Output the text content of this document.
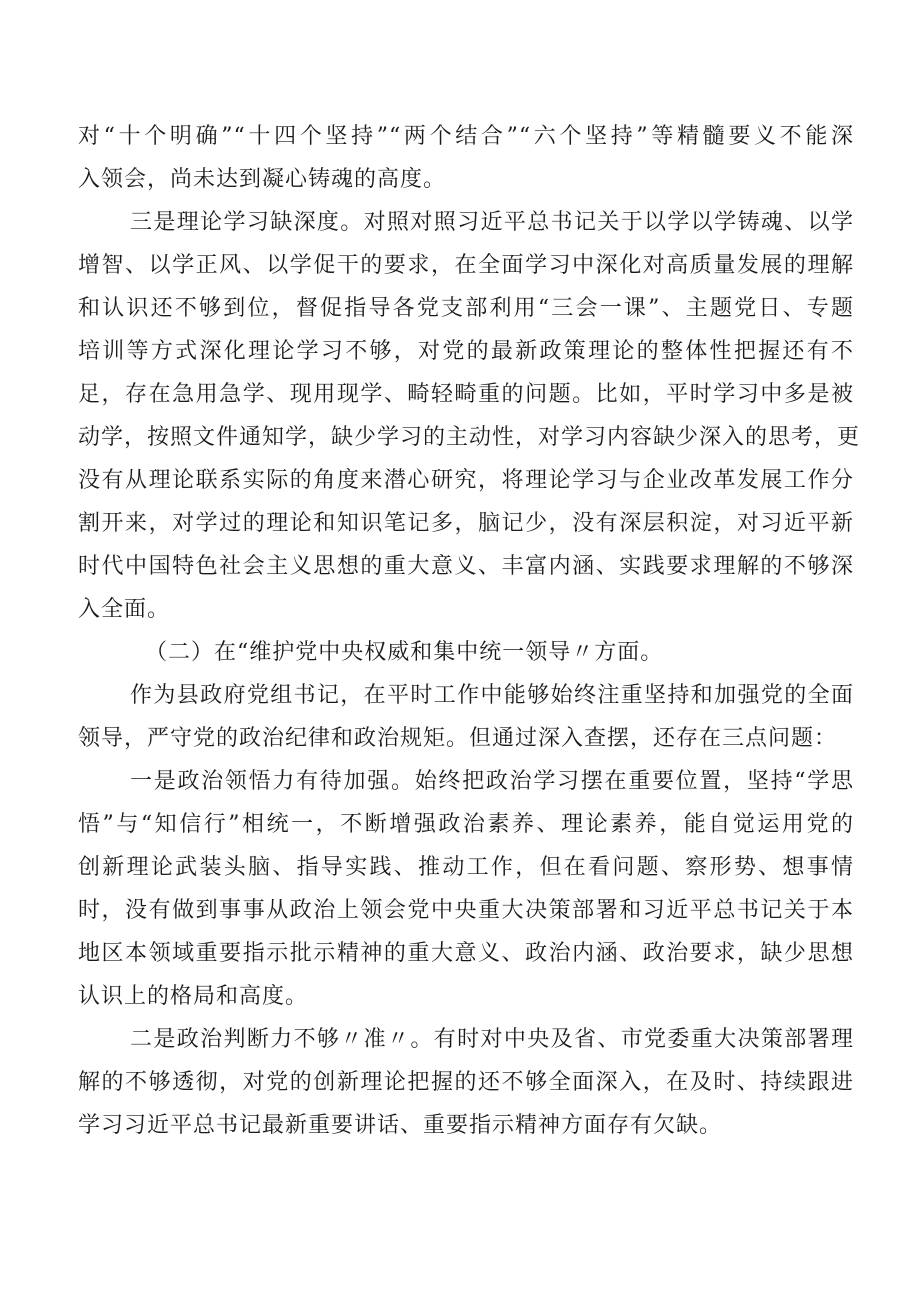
对“十个明确”“十四个坚持”“两个结合”“六个坚持”等精髓要义不能深
入领会，尚未达到凝心铸魂的高度。
三是理论学习缺深度。对照对照习近平总书记关于以学以学铸魂、以学
增智、以学正风、以学促干的要求，在全面学习中深化对高质量发展的理解
和认识还不够到位，督促指导各党支部利用“三会一课”、主题党日、专题
培训等方式深化理论学习不够，对党的最新政策理论的整体性把握还有不
足，存在急用急学、现用现学、畸轻畸重的问题。比如，平时学习中多是被
动学，按照文件通知学，缺少学习的主动性，对学习内容缺少深入的思考，更
没有从理论联系实际的角度来潜心研究，将理论学习与企业改革发展工作分
割开来，对学过的理论和知识笔记多，脑记少，没有深层积淀，对习近平新
时代中国特色社会主义思想的重大意义、丰富内涵、实践要求理解的不够深
入全面。
（二）在“维护党中央权威和集中统一领导〃方面。
作为县政府党组书记，在平时工作中能够始终注重坚持和加强党的全面
领导，严守党的政治纪律和政治规矩。但通过深入查摆，还存在三点问题：
一是政治领悟力有待加强。始终把政治学习摆在重要位置，坚持“学思
悟”与“知信行”相统一，不断增强政治素养、理论素养，能自觉运用党的
创新理论武装头脑、指导实践、推动工作，但在看问题、察形势、想事情
时，没有做到事事从政治上领会党中央重大决策部署和习近平总书记关于本
地区本领域重要指示批示精神的重大意义、政治内涵、政治要求，缺少思想
认识上的格局和高度。
二是政治判断力不够〃准〃。有时对中央及省、市党委重大决策部署理
解的不够透彻，对党的创新理论把握的还不够全面深入，在及时、持续跟进
学习习近平总书记最新重要讲话、重要指示精神方面存有欠缺。
